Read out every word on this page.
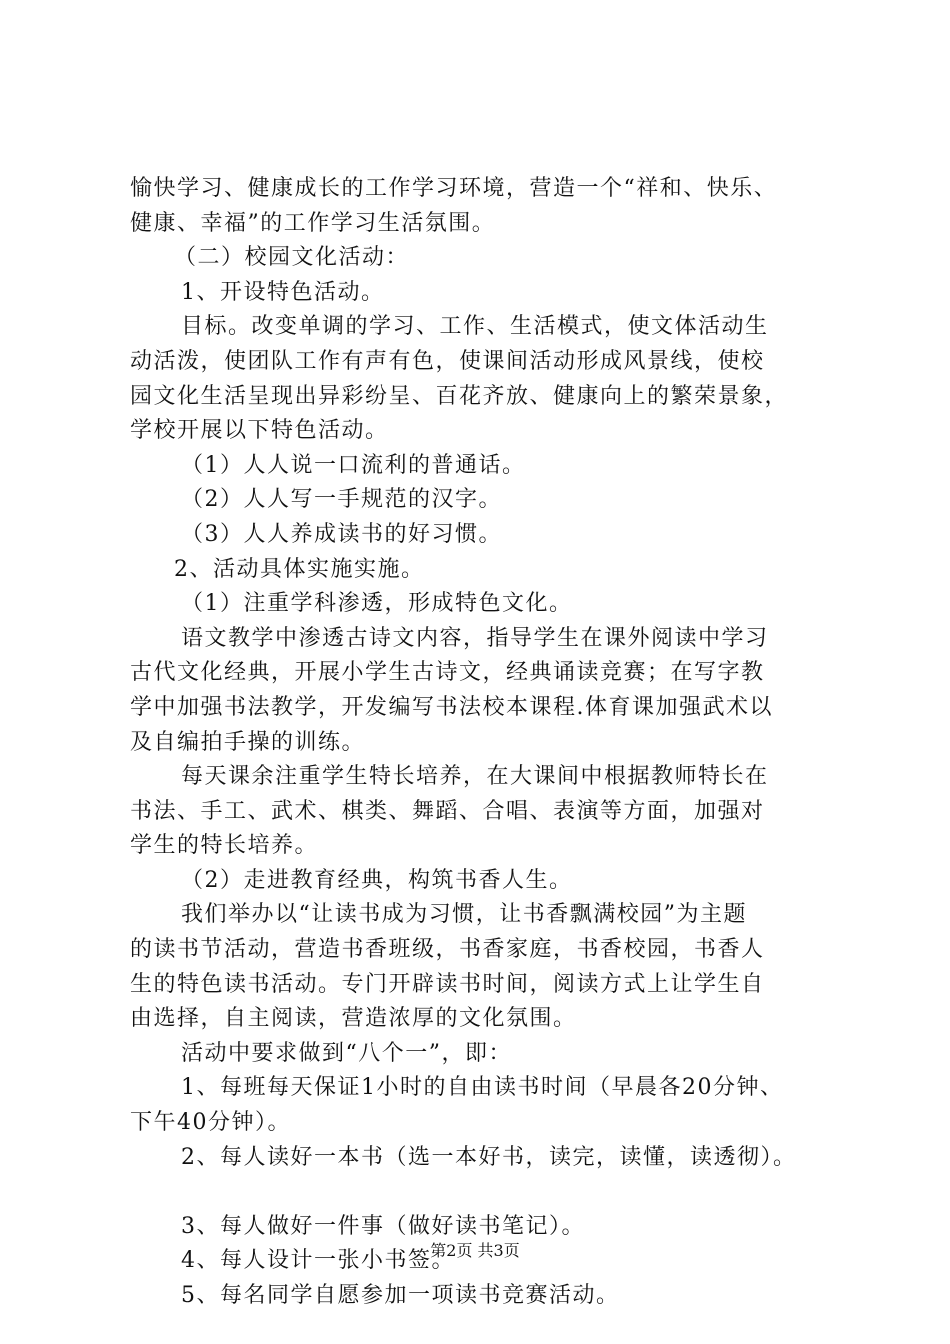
愉快学习、健康成长的工作学习环境，营造一个“祥和、快乐、
健康、幸福”的工作学习生活氛围。
（二）校园文化活动：
1、开设特色活动。
目标。改变单调的学习、工作、生活模式，使文体活动生
动活泼，使团队工作有声有色，使课间活动形成风景线，使校
园文化生活呈现出异彩纷呈、百花齐放、健康向上的繁荣景象，
学校开展以下特色活动。
（1）人人说一口流利的普通话。
（2）人人写一手规范的汉字。
（3）人人养成读书的好习惯。
2、活动具体实施实施。
（1）注重学科渗透，形成特色文化。
语文教学中渗透古诗文内容，指导学生在课外阅读中学习
古代文化经典，开展小学生古诗文，经典诵读竞赛；在写字教
学中加强书法教学，开发编写书法校本课程.体育课加强武术以
及自编拍手操的训练。
每天课余注重学生特长培养，在大课间中根据教师特长在
书法、手工、武术、棋类、舞蹈、合唱、表演等方面，加强对
学生的特长培养。
（2）走进教育经典，构筑书香人生。
我们举办以“让读书成为习惯，让书香飘满校园”为主题
的读书节活动，营造书香班级，书香家庭，书香校园，书香人
生的特色读书活动。专门开辟读书时间，阅读方式上让学生自
由选择，自主阅读，营造浓厚的文化氛围。
活动中要求做到“八个一”，即：
1、每班每天保证1小时的自由读书时间（早晨各20分钟、
下午40分钟）。
2、每人读好一本书（选一本好书，读完，读懂，读透彻）。
3、每人做好一件事（做好读书笔记）。
4、每人设计一张小书签。
5、每名同学自愿参加一项读书竞赛活动。
第2页 共3页
